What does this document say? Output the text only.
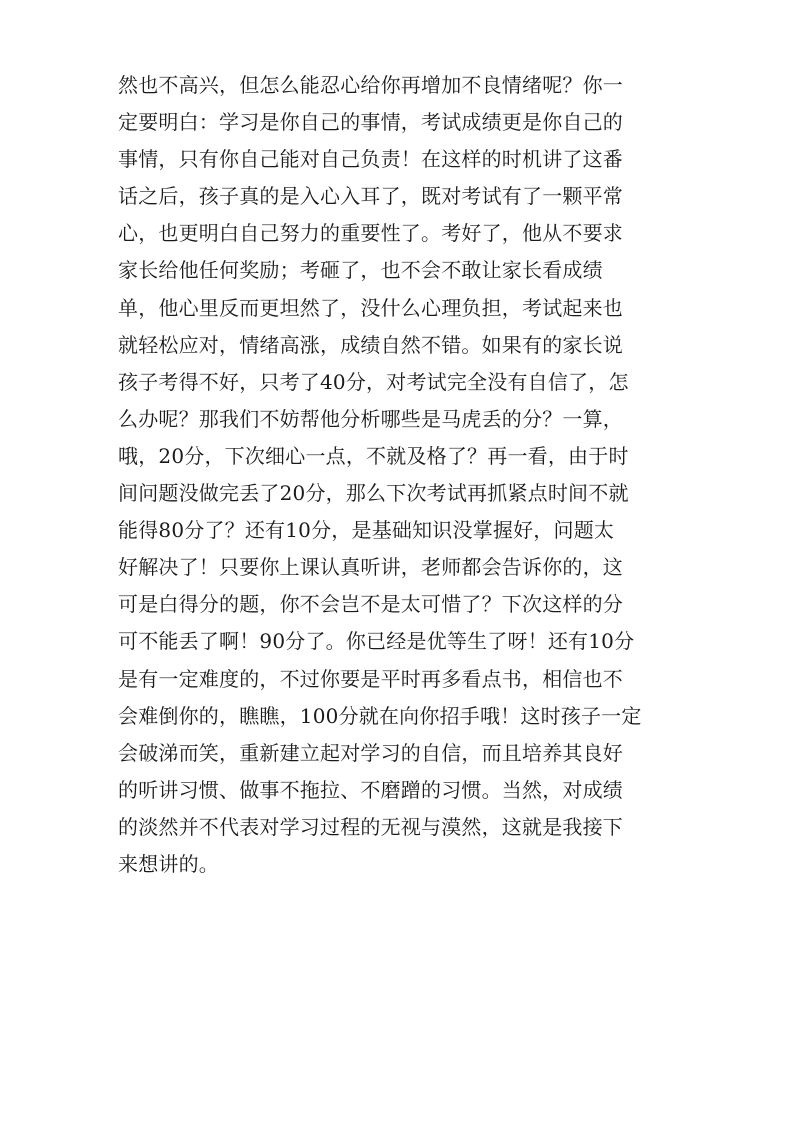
然也不高兴，但怎么能忍心给你再增加不良情绪呢？你一
定要明白：学习是你自己的事情，考试成绩更是你自己的
事情，只有你自己能对自己负责！在这样的时机讲了这番
话之后，孩子真的是入心入耳了，既对考试有了一颗平常
心，也更明白自己努力的重要性了。考好了，他从不要求
家长给他任何奖励；考砸了，也不会不敢让家长看成绩
单，他心里反而更坦然了，没什么心理负担，考试起来也
就轻松应对，情绪高涨，成绩自然不错。如果有的家长说
孩子考得不好，只考了40分，对考试完全没有自信了，怎
么办呢？那我们不妨帮他分析哪些是马虎丢的分？一算，
哦，20分，下次细心一点，不就及格了？再一看，由于时
间问题没做完丢了20分，那么下次考试再抓紧点时间不就
能得80分了？还有10分，是基础知识没掌握好，问题太
好解决了！只要你上课认真听讲，老师都会告诉你的，这
可是白得分的题，你不会岂不是太可惜了？下次这样的分
可不能丢了啊！90分了。你已经是优等生了呀！还有10分
是有一定难度的，不过你要是平时再多看点书，相信也不
会难倒你的，瞧瞧，100分就在向你招手哦！这时孩子一定
会破涕而笑，重新建立起对学习的自信，而且培养其良好
的听讲习惯、做事不拖拉、不磨蹭的习惯。当然，对成绩
的淡然并不代表对学习过程的无视与漠然，这就是我接下
来想讲的。
